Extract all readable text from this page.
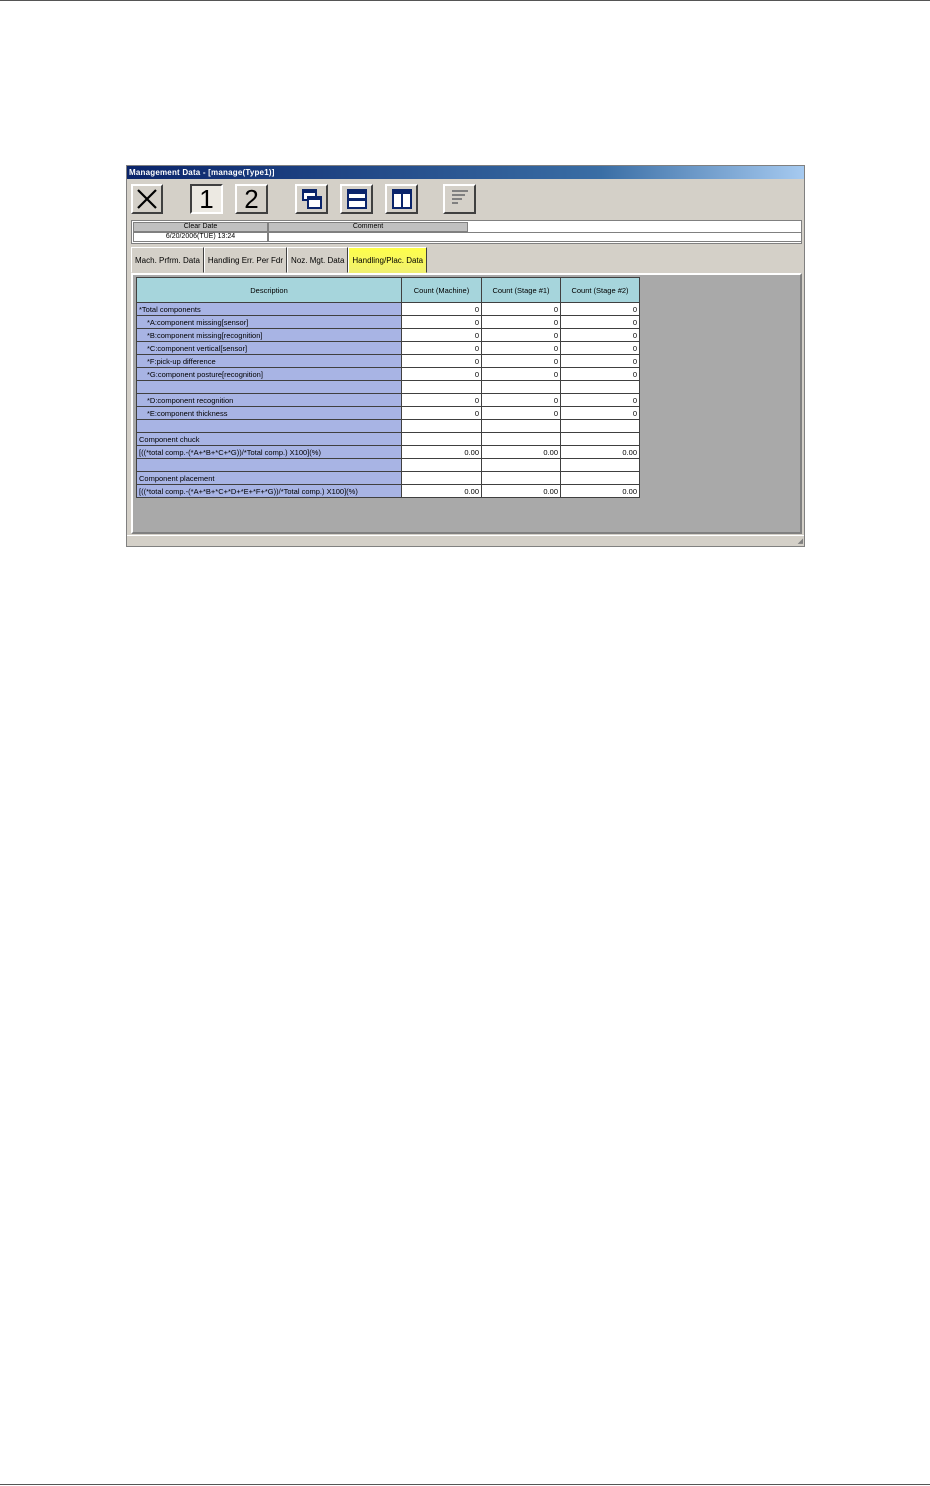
Management Data - [manage(Type1)]
1 2
Clear Date	Comment
6/20/2006(TUE) 13:24
Mach. Prfrm. Data	Handling Err. Per Fdr	Noz. Mgt. Data	Handling/Plac. Data
Description	Count (Machine)	Count (Stage #1)	Count (Stage #2)
*Total components	0	0	0
*A:component missing[sensor]	0	0	0
*B:component missing[recognition]	0	0	0
*C:component vertical[sensor]	0	0	0
*F:pick-up difference	0	0	0
*G:component posture[recognition]	0	0	0

*D:component recognition	0	0	0
*E:component thickness	0	0	0

Component chuck			
[((*total comp.-(*A+*B+*C+*G))/*Total comp.) X100](%)	0.00	0.00	0.00

Component placement			
[((*total comp.-(*A+*B+*C+*D+*E+*F+*G))/*Total comp.) X100](%)	0.00	0.00	0.00
◢
